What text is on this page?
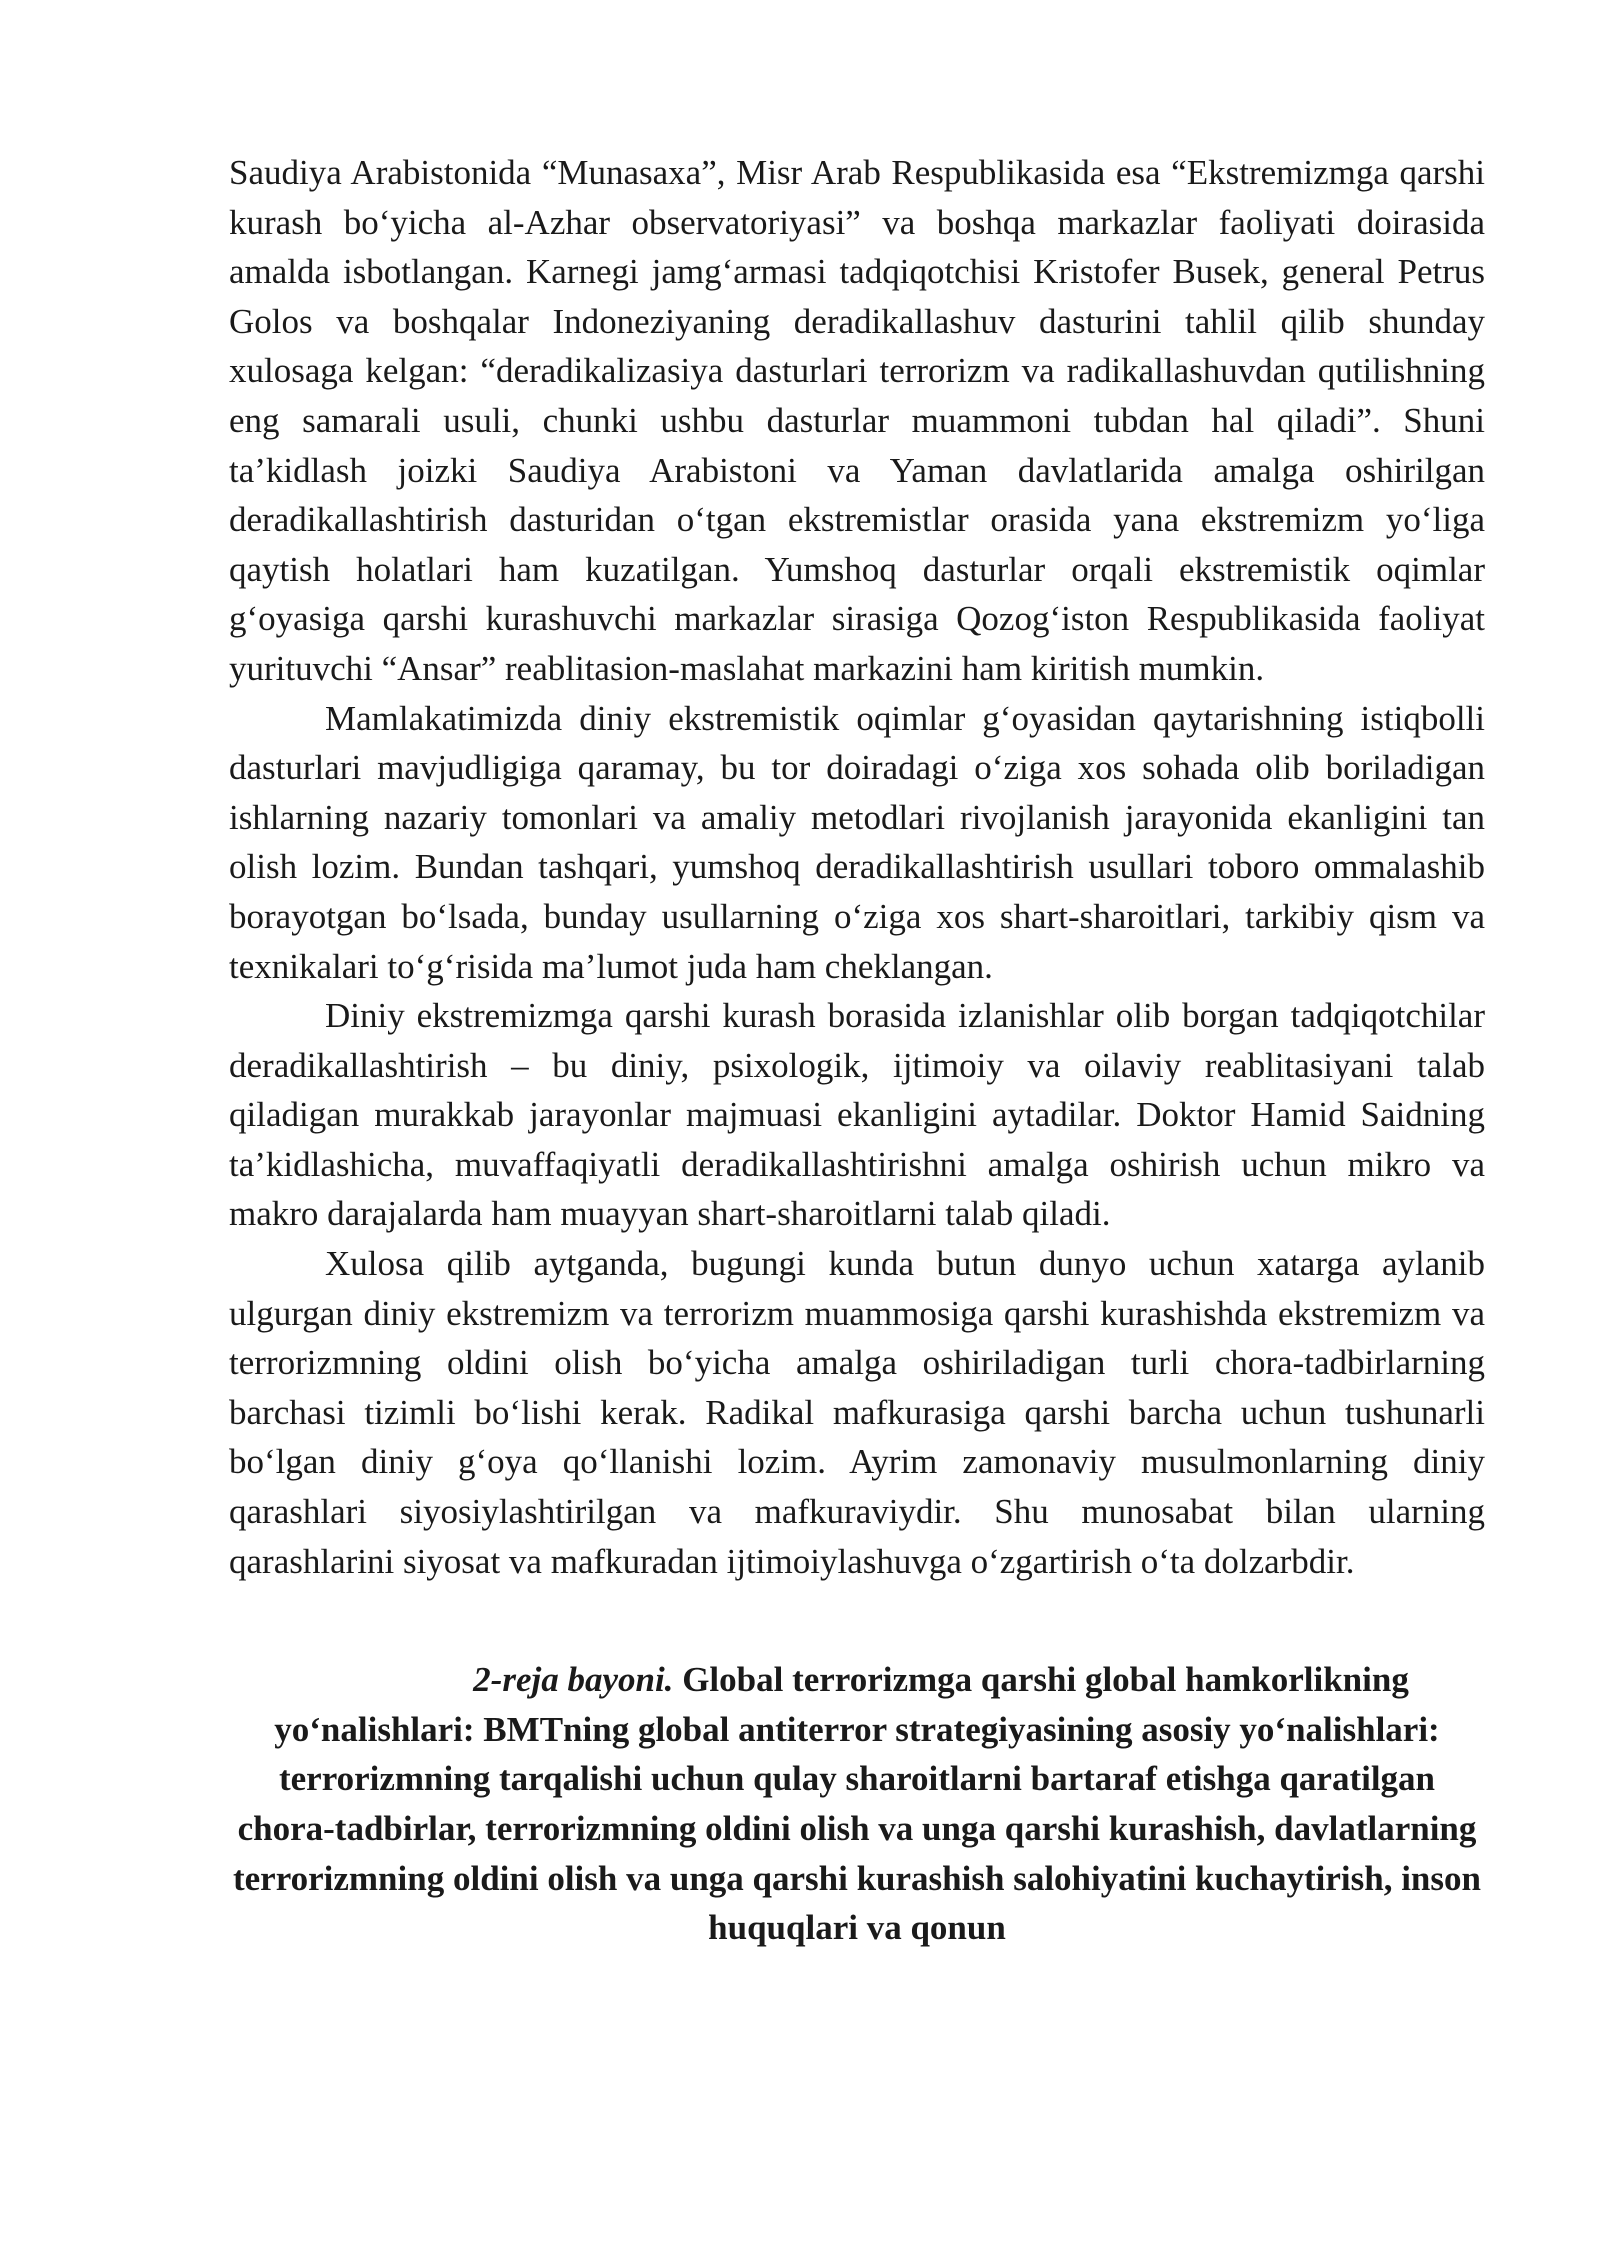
Saudiya Arabistonida “Munasaxa”, Misr Arab Respublikasida esa “Ekstremizmga qarshi kurash bo‘yicha al-Azhar observatoriyasi” va boshqa markazlar faoliyati doirasida amalda isbotlangan. Karnegi jamg‘armasi tadqiqotchisi Kristofer Busek, general Petrus Golos va boshqalar Indoneziyaning deradikallashuv dasturini tahlil qilib shunday xulosaga kelgan: “deradikalizasiya dasturlari terrorizm va radikallashuvdan qutilishning eng samarali usuli, chunki ushbu dasturlar muammoni tubdan hal qiladi”. Shuni ta’kidlash joizki Saudiya Arabistoni va Yaman davlatlarida amalga oshirilgan deradikallashtirish dasturidan o‘tgan ekstremistlar orasida yana ekstremizm yo‘liga qaytish holatlari ham kuzatilgan. Yumshoq dasturlar orqali ekstremistik oqimlar g‘oyasiga qarshi kurashuvchi markazlar sirasiga Qozog‘iston Respublikasida faoliyat yurituvchi “Ansar” reablitasion-maslahat markazini ham kiritish mumkin.

Mamlakatimizda diniy ekstremistik oqimlar g‘oyasidan qaytarishning istiqbolli dasturlari mavjudligiga qaramay, bu tor doiradagi o‘ziga xos sohada olib boriladigan ishlarning nazariy tomonlari va amaliy metodlari rivojlanish jarayonida ekanligini tan olish lozim. Bundan tashqari, yumshoq deradikallashtirish usullari toboro ommalashib borayotgan bo‘lsada, bunday usullarning o‘ziga xos shart-sharoitlari, tarkibiy qism va texnikalari to‘g‘risida ma’lumot juda ham cheklangan.

Diniy ekstremizmga qarshi kurash borasida izlanishlar olib borgan tadqiqotchilar deradikallashtirish – bu diniy, psixologik, ijtimoiy va oilaviy reablitasiyani talab qiladigan murakkab jarayonlar majmuasi ekanligini aytadilar. Doktor Hamid Saidning ta’kidlashicha, muvaffaqiyatli deradikallashtirishni amalga oshirish uchun mikro va makro darajalarda ham muayyan shart-sharoitlarni talab qiladi.

Xulosa qilib aytganda, bugungi kunda butun dunyo uchun xatarga aylanib ulgurgan diniy ekstremizm va terrorizm muammosiga qarshi kurashishda ekstremizm va terrorizmning oldini olish bo‘yicha amalga oshiriladigan turli chora-tadbirlarning barchasi tizimli bo‘lishi kerak. Radikal mafkurasiga qarshi barcha uchun tushunarli bo‘lgan diniy g‘oya qo‘llanishi lozim. Ayrim zamonaviy musulmonlarning diniy qarashlari siyosiylashtirilgan va mafkuraviydir. Shu munosabat bilan ularning qarashlarini siyosat va mafkuradan ijtimoiylashuvga o‘zgartirish o‘ta dolzarbdir.

2-reja bayoni. Global terrorizmga qarshi global hamkorlikning yo‘nalishlari: BMTning global antiterror strategiyasining asosiy yo‘nalishlari: terrorizmning tarqalishi uchun qulay sharoitlarni bartaraf etishga qaratilgan chora-tadbirlar, terrorizmning oldini olish va unga qarshi kurashish, davlatlarning terrorizmning oldini olish va unga qarshi kurashish salohiyatini kuchaytirish, inson huquqlari va qonun
